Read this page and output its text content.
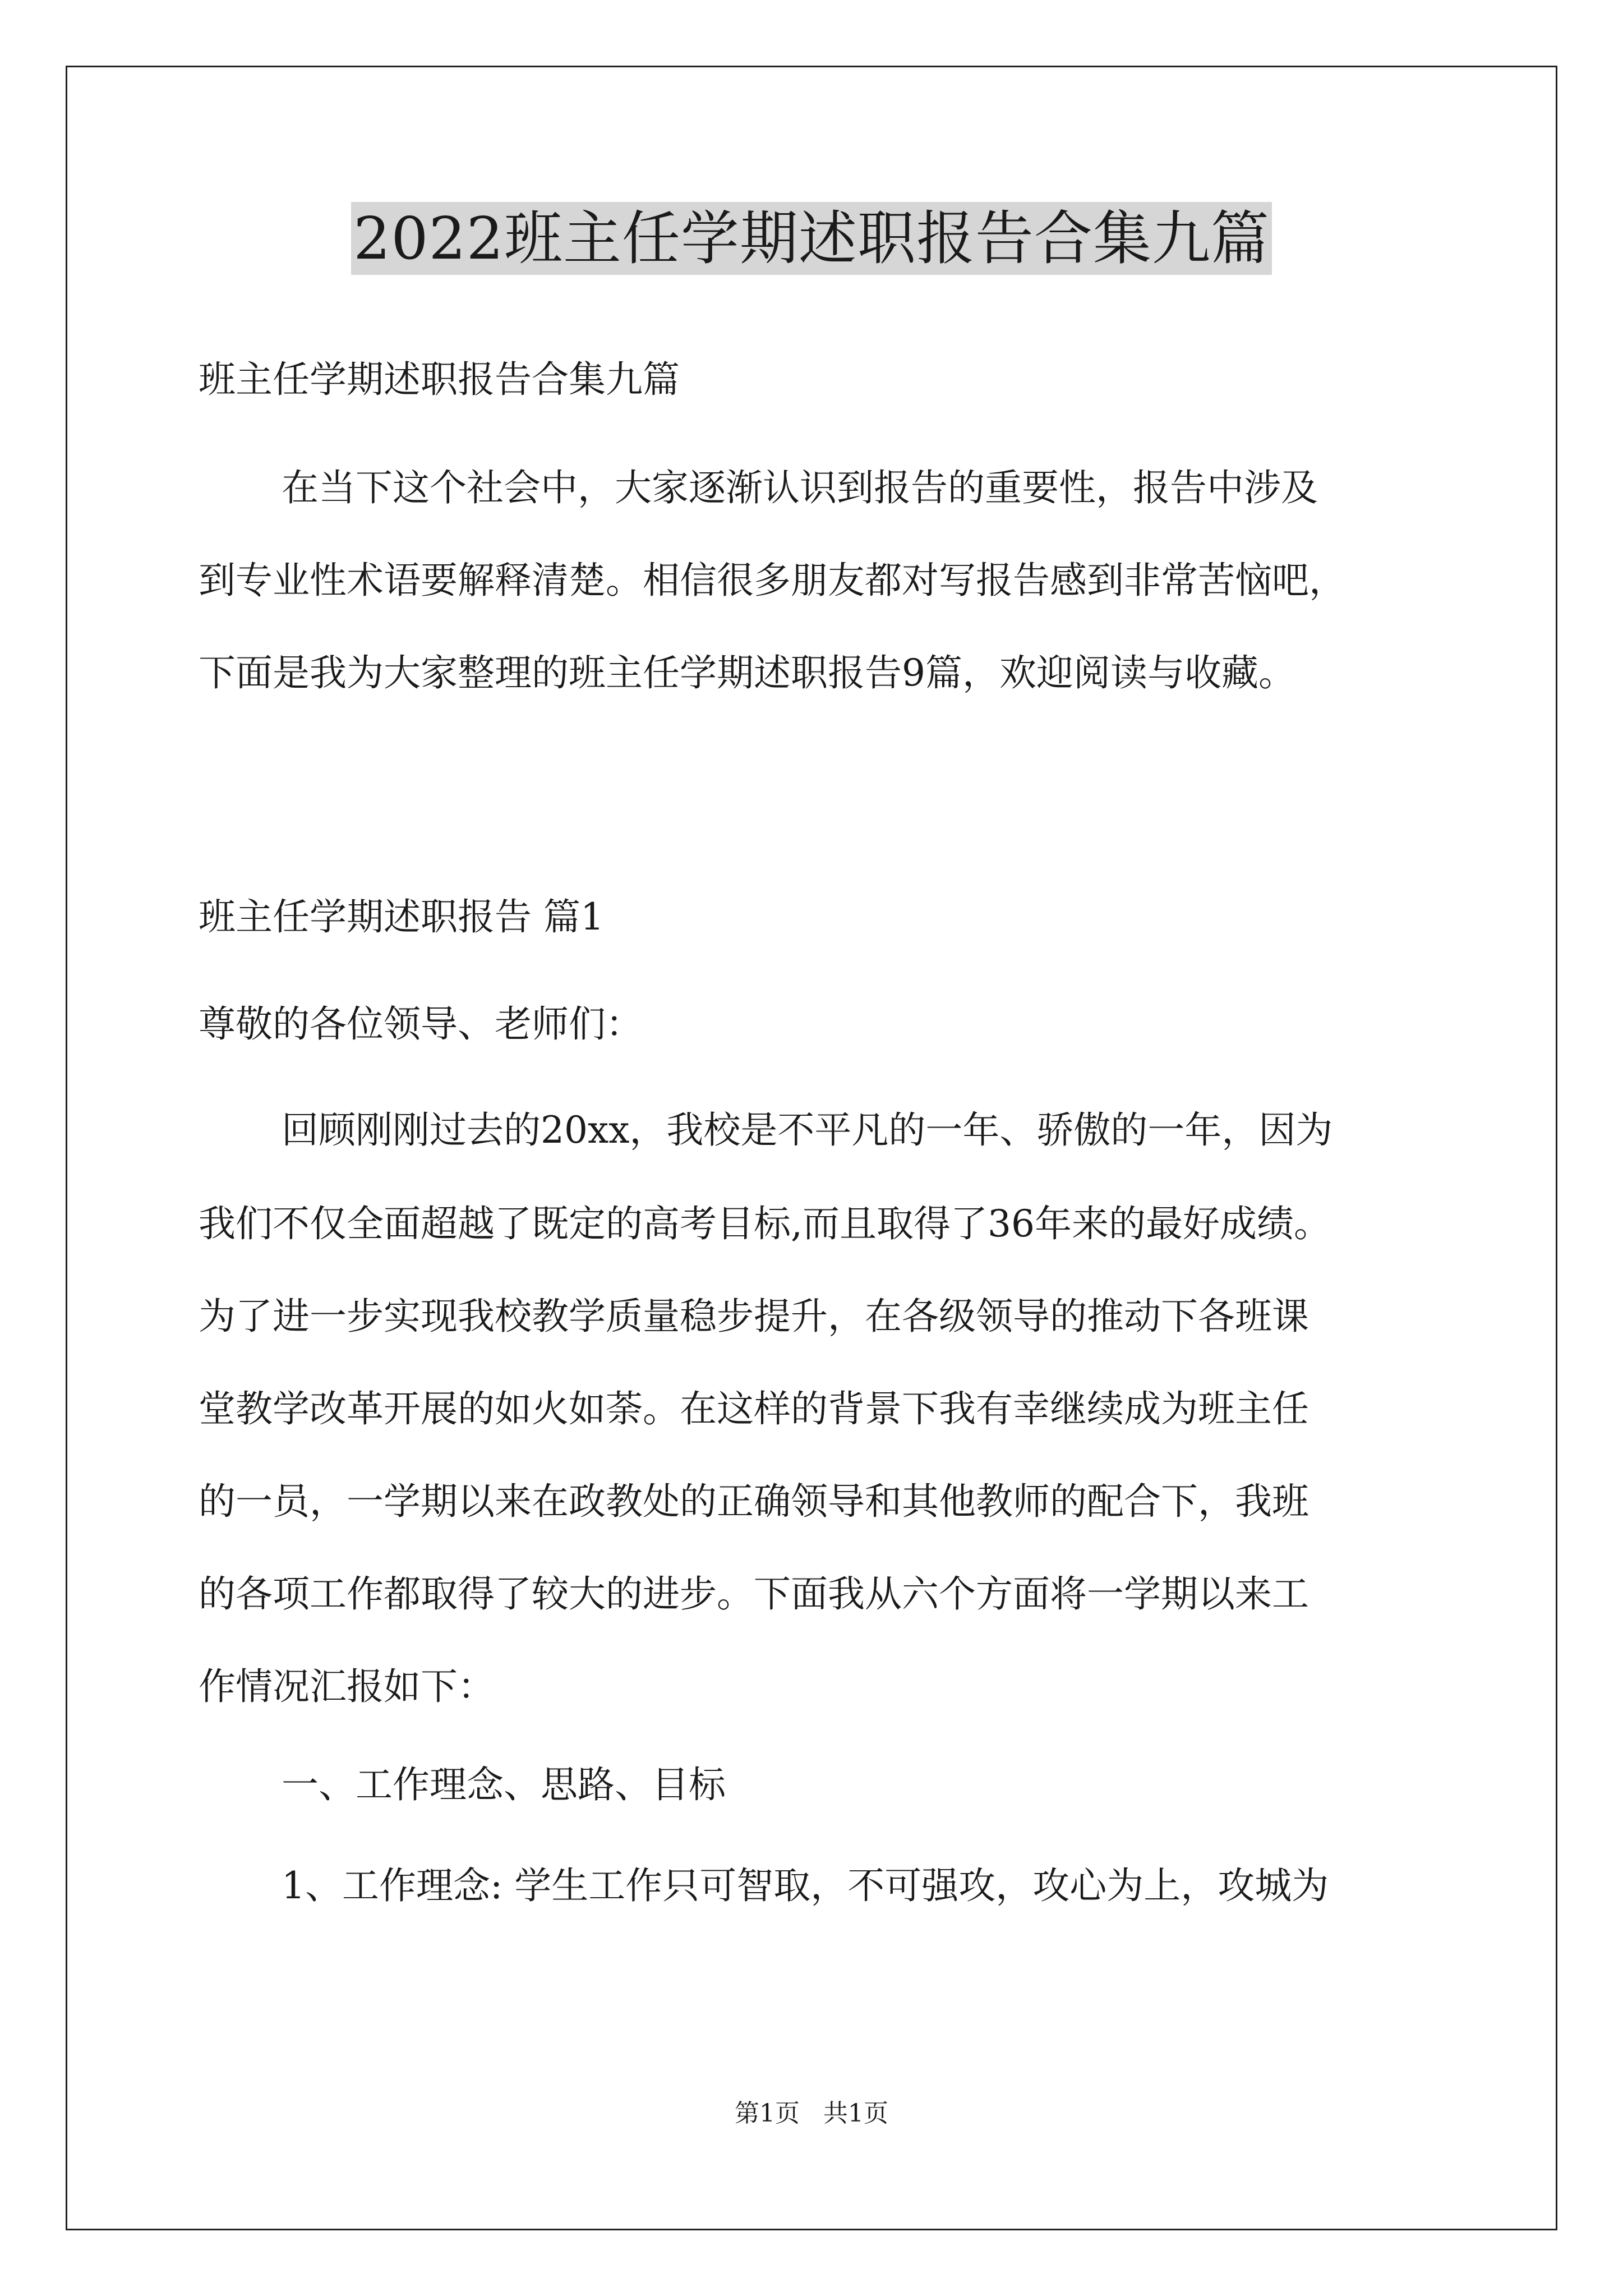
2022班主任学期述职报告合集九篇
班主任学期述职报告合集九篇
在当下这个社会中，大家逐渐认识到报告的重要性，报告中涉及
到专业性术语要解释清楚。相信很多朋友都对写报告感到非常苦恼吧，
下面是我为大家整理的班主任学期述职报告9篇，欢迎阅读与收藏。
班主任学期述职报告 篇1
尊敬的各位领导、老师们：
回顾刚刚过去的20xx，我校是不平凡的一年、骄傲的一年，因为
我们不仅全面超越了既定的高考目标,而且取得了36年来的最好成绩。
为了进一步实现我校教学质量稳步提升，在各级领导的推动下各班课
堂教学改革开展的如火如荼。在这样的背景下我有幸继续成为班主任
的一员，一学期以来在政教处的正确领导和其他教师的配合下，我班
的各项工作都取得了较大的进步。下面我从六个方面将一学期以来工
作情况汇报如下：
一、工作理念、思路、目标
1、工作理念: 学生工作只可智取，不可强攻，攻心为上，攻城为
第1页   共1页
